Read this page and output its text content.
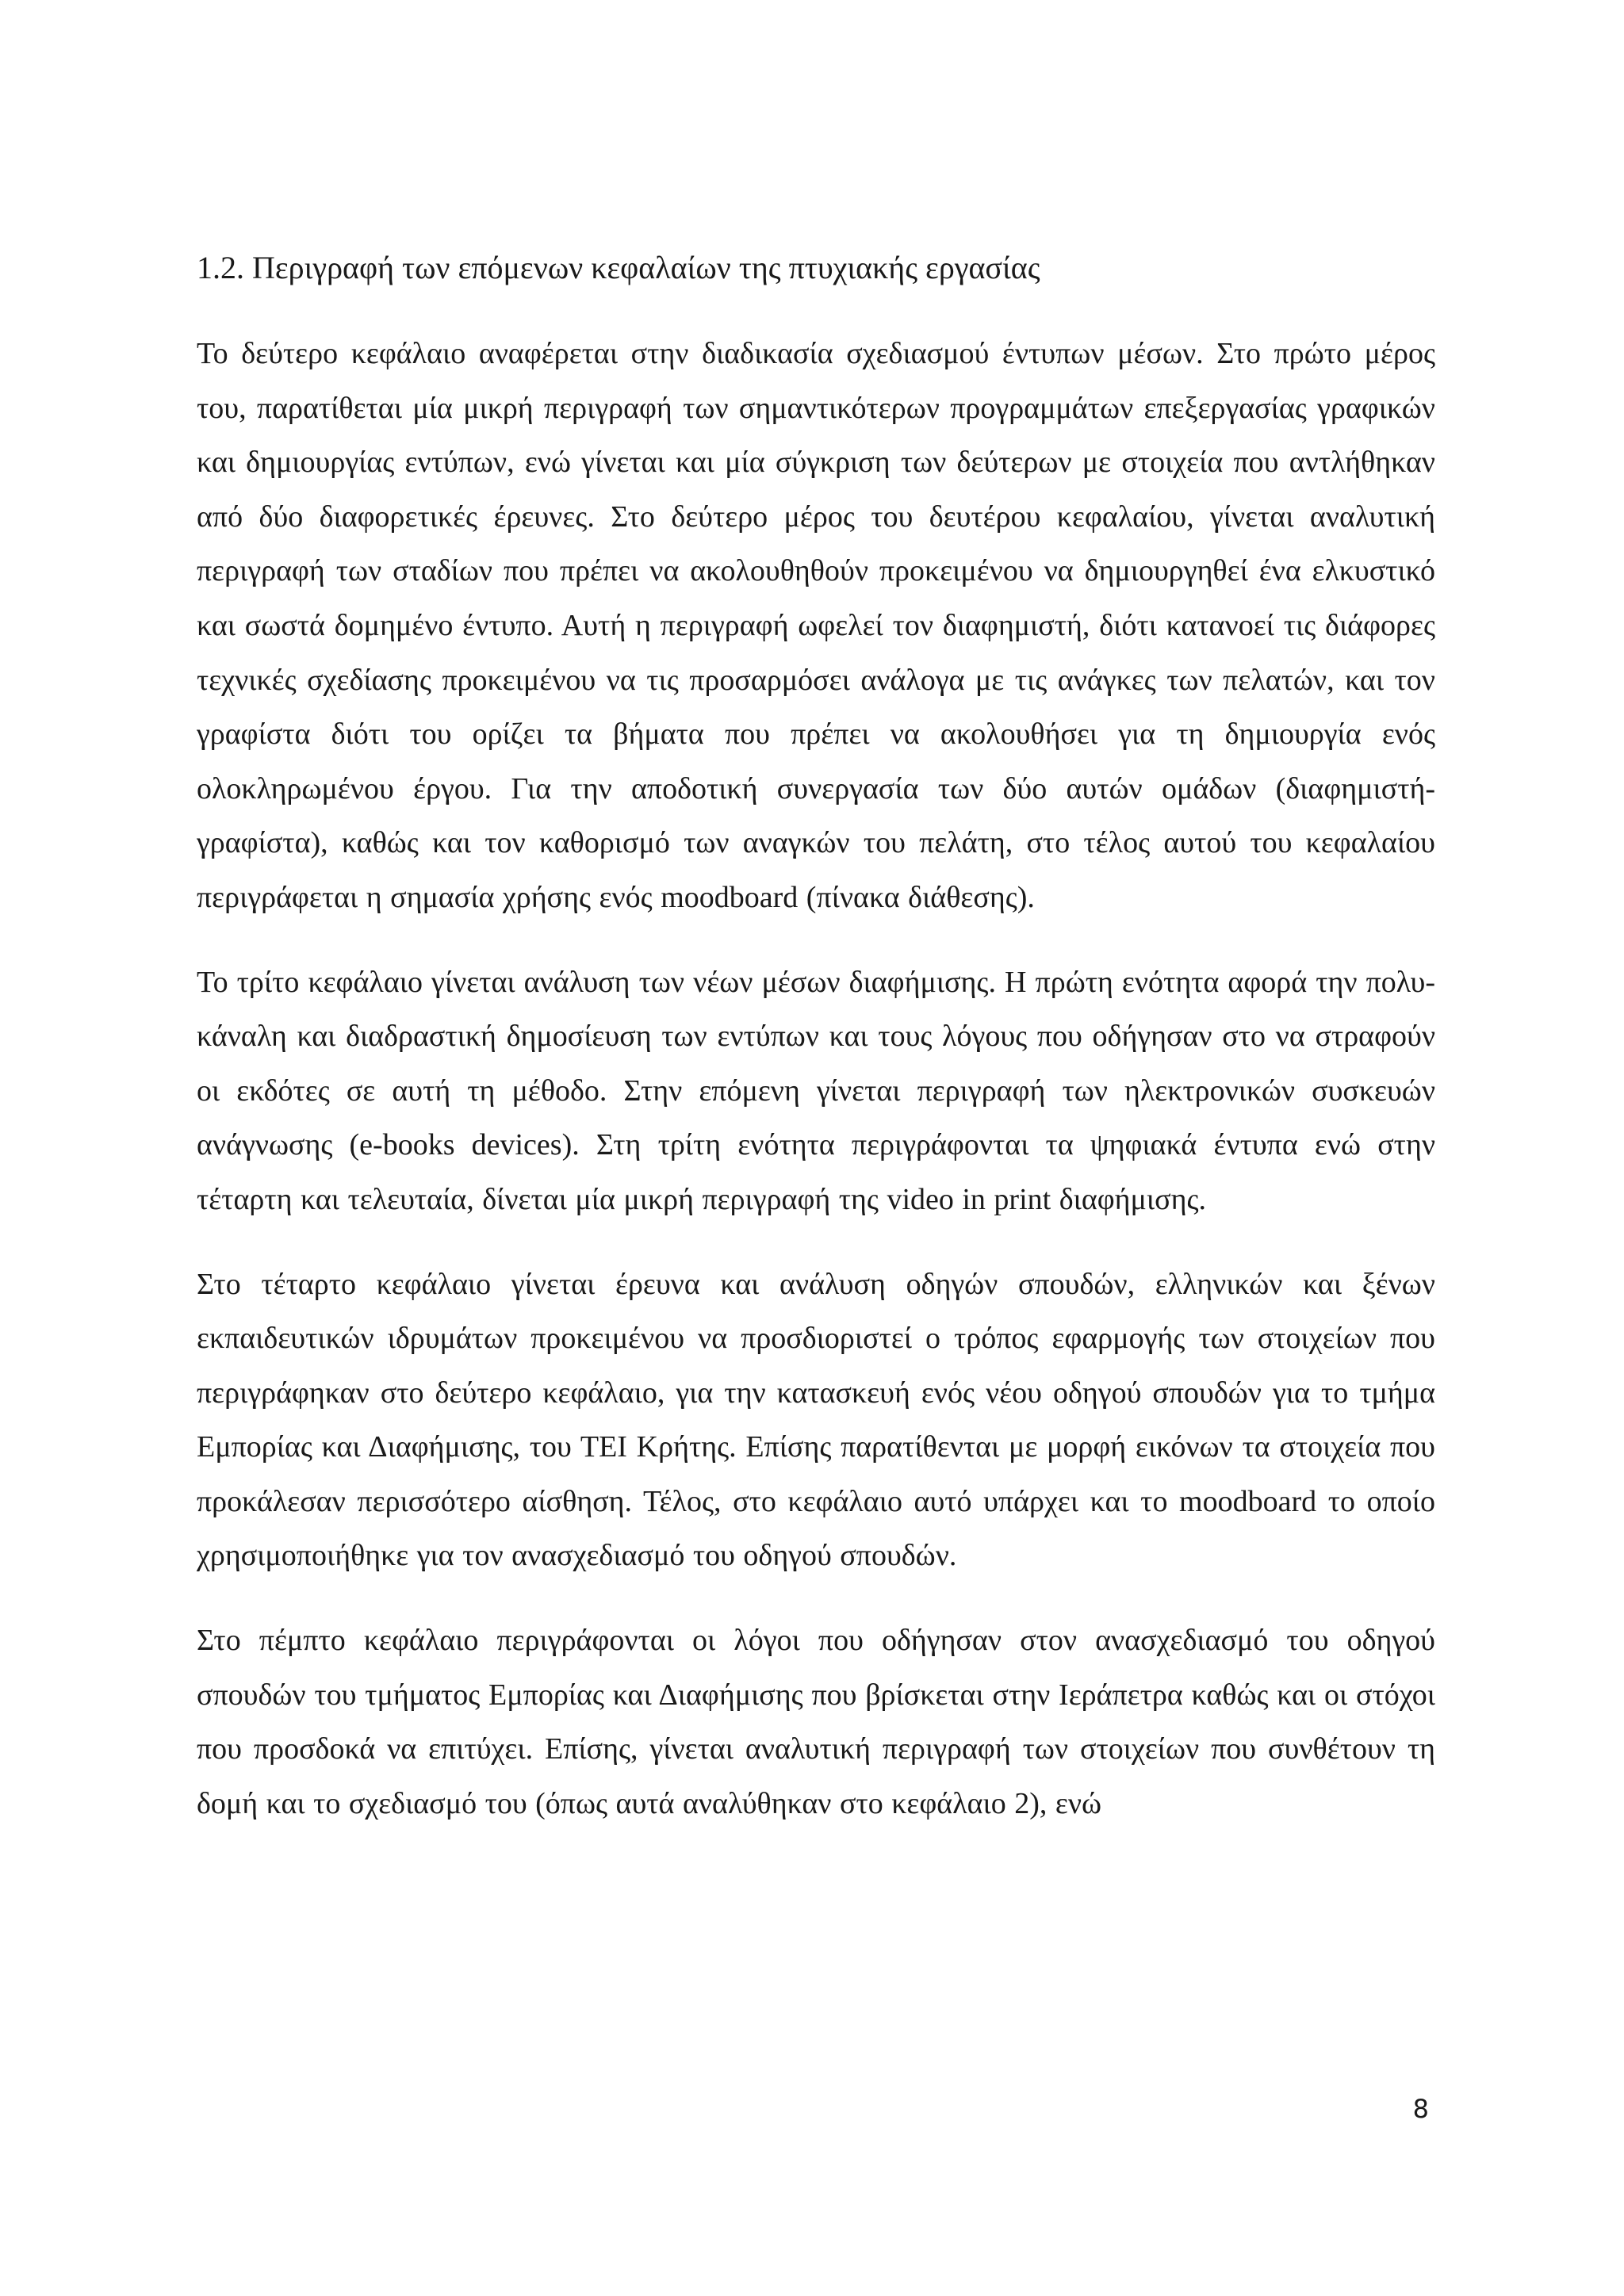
1.2. Περιγραφή των επόμενων κεφαλαίων της πτυχιακής εργασίας

Το δεύτερο κεφάλαιο αναφέρεται στην διαδικασία σχεδιασμού έντυπων μέσων. Στο πρώτο μέρος του, παρατίθεται μία μικρή περιγραφή των σημαντικότερων προγραμμάτων επεξεργασίας γραφικών και δημιουργίας εντύπων, ενώ γίνεται και μία σύγκριση των δεύτερων με στοιχεία που αντλήθηκαν από δύο διαφορετικές έρευνες. Στο δεύτερο μέρος του δευτέρου κεφαλαίου, γίνεται αναλυτική περιγραφή των σταδίων που πρέπει να ακολουθηθούν προκειμένου να δημιουργηθεί ένα ελκυστικό και σωστά δομημένο έντυπο. Αυτή η περιγραφή ωφελεί τον διαφημιστή, διότι κατανοεί τις διάφορες τεχνικές σχεδίασης προκειμένου να τις προσαρμόσει ανάλογα με τις ανάγκες των πελατών, και τον γραφίστα διότι του ορίζει τα βήματα που πρέπει να ακολουθήσει για τη δημιουργία ενός ολοκληρωμένου έργου. Για την αποδοτική συνεργασία των δύο αυτών ομάδων (διαφημιστή-γραφίστα), καθώς και τον καθορισμό των αναγκών του πελάτη, στο τέλος αυτού του κεφαλαίου περιγράφεται η σημασία χρήσης ενός moodboard (πίνακα διάθεσης).

Το τρίτο κεφάλαιο γίνεται ανάλυση των νέων μέσων διαφήμισης. Η πρώτη ενότητα αφορά την πολυ-κάναλη και διαδραστική δημοσίευση των εντύπων και τους λόγους που οδήγησαν στο να στραφούν οι εκδότες σε αυτή τη μέθοδο. Στην επόμενη γίνεται περιγραφή των ηλεκτρονικών συσκευών ανάγνωσης (e-books devices). Στη τρίτη ενότητα περιγράφονται τα ψηφιακά έντυπα ενώ στην τέταρτη και τελευταία, δίνεται μία μικρή περιγραφή της video in print διαφήμισης.

Στο τέταρτο κεφάλαιο γίνεται έρευνα και ανάλυση οδηγών σπουδών, ελληνικών και ξένων εκπαιδευτικών ιδρυμάτων προκειμένου να προσδιοριστεί ο τρόπος εφαρμογής των στοιχείων που περιγράφηκαν στο δεύτερο κεφάλαιο, για την κατασκευή ενός νέου οδηγού σπουδών για το τμήμα Εμπορίας και Διαφήμισης, του ΤΕΙ Κρήτης. Επίσης παρατίθενται με μορφή εικόνων τα στοιχεία που προκάλεσαν περισσότερο αίσθηση. Τέλος, στο κεφάλαιο αυτό υπάρχει και το moodboard το οποίο χρησιμοποιήθηκε για τον ανασχεδιασμό του οδηγού σπουδών.

Στο πέμπτο κεφάλαιο περιγράφονται οι λόγοι που οδήγησαν στον ανασχεδιασμό του οδηγού σπουδών του τμήματος Εμπορίας και Διαφήμισης που βρίσκεται στην Ιεράπετρα καθώς και οι στόχοι που προσδοκά να επιτύχει. Επίσης, γίνεται αναλυτική περιγραφή των στοιχείων που συνθέτουν τη δομή και το σχεδιασμό του (όπως αυτά αναλύθηκαν στο κεφάλαιο 2), ενώ

8
